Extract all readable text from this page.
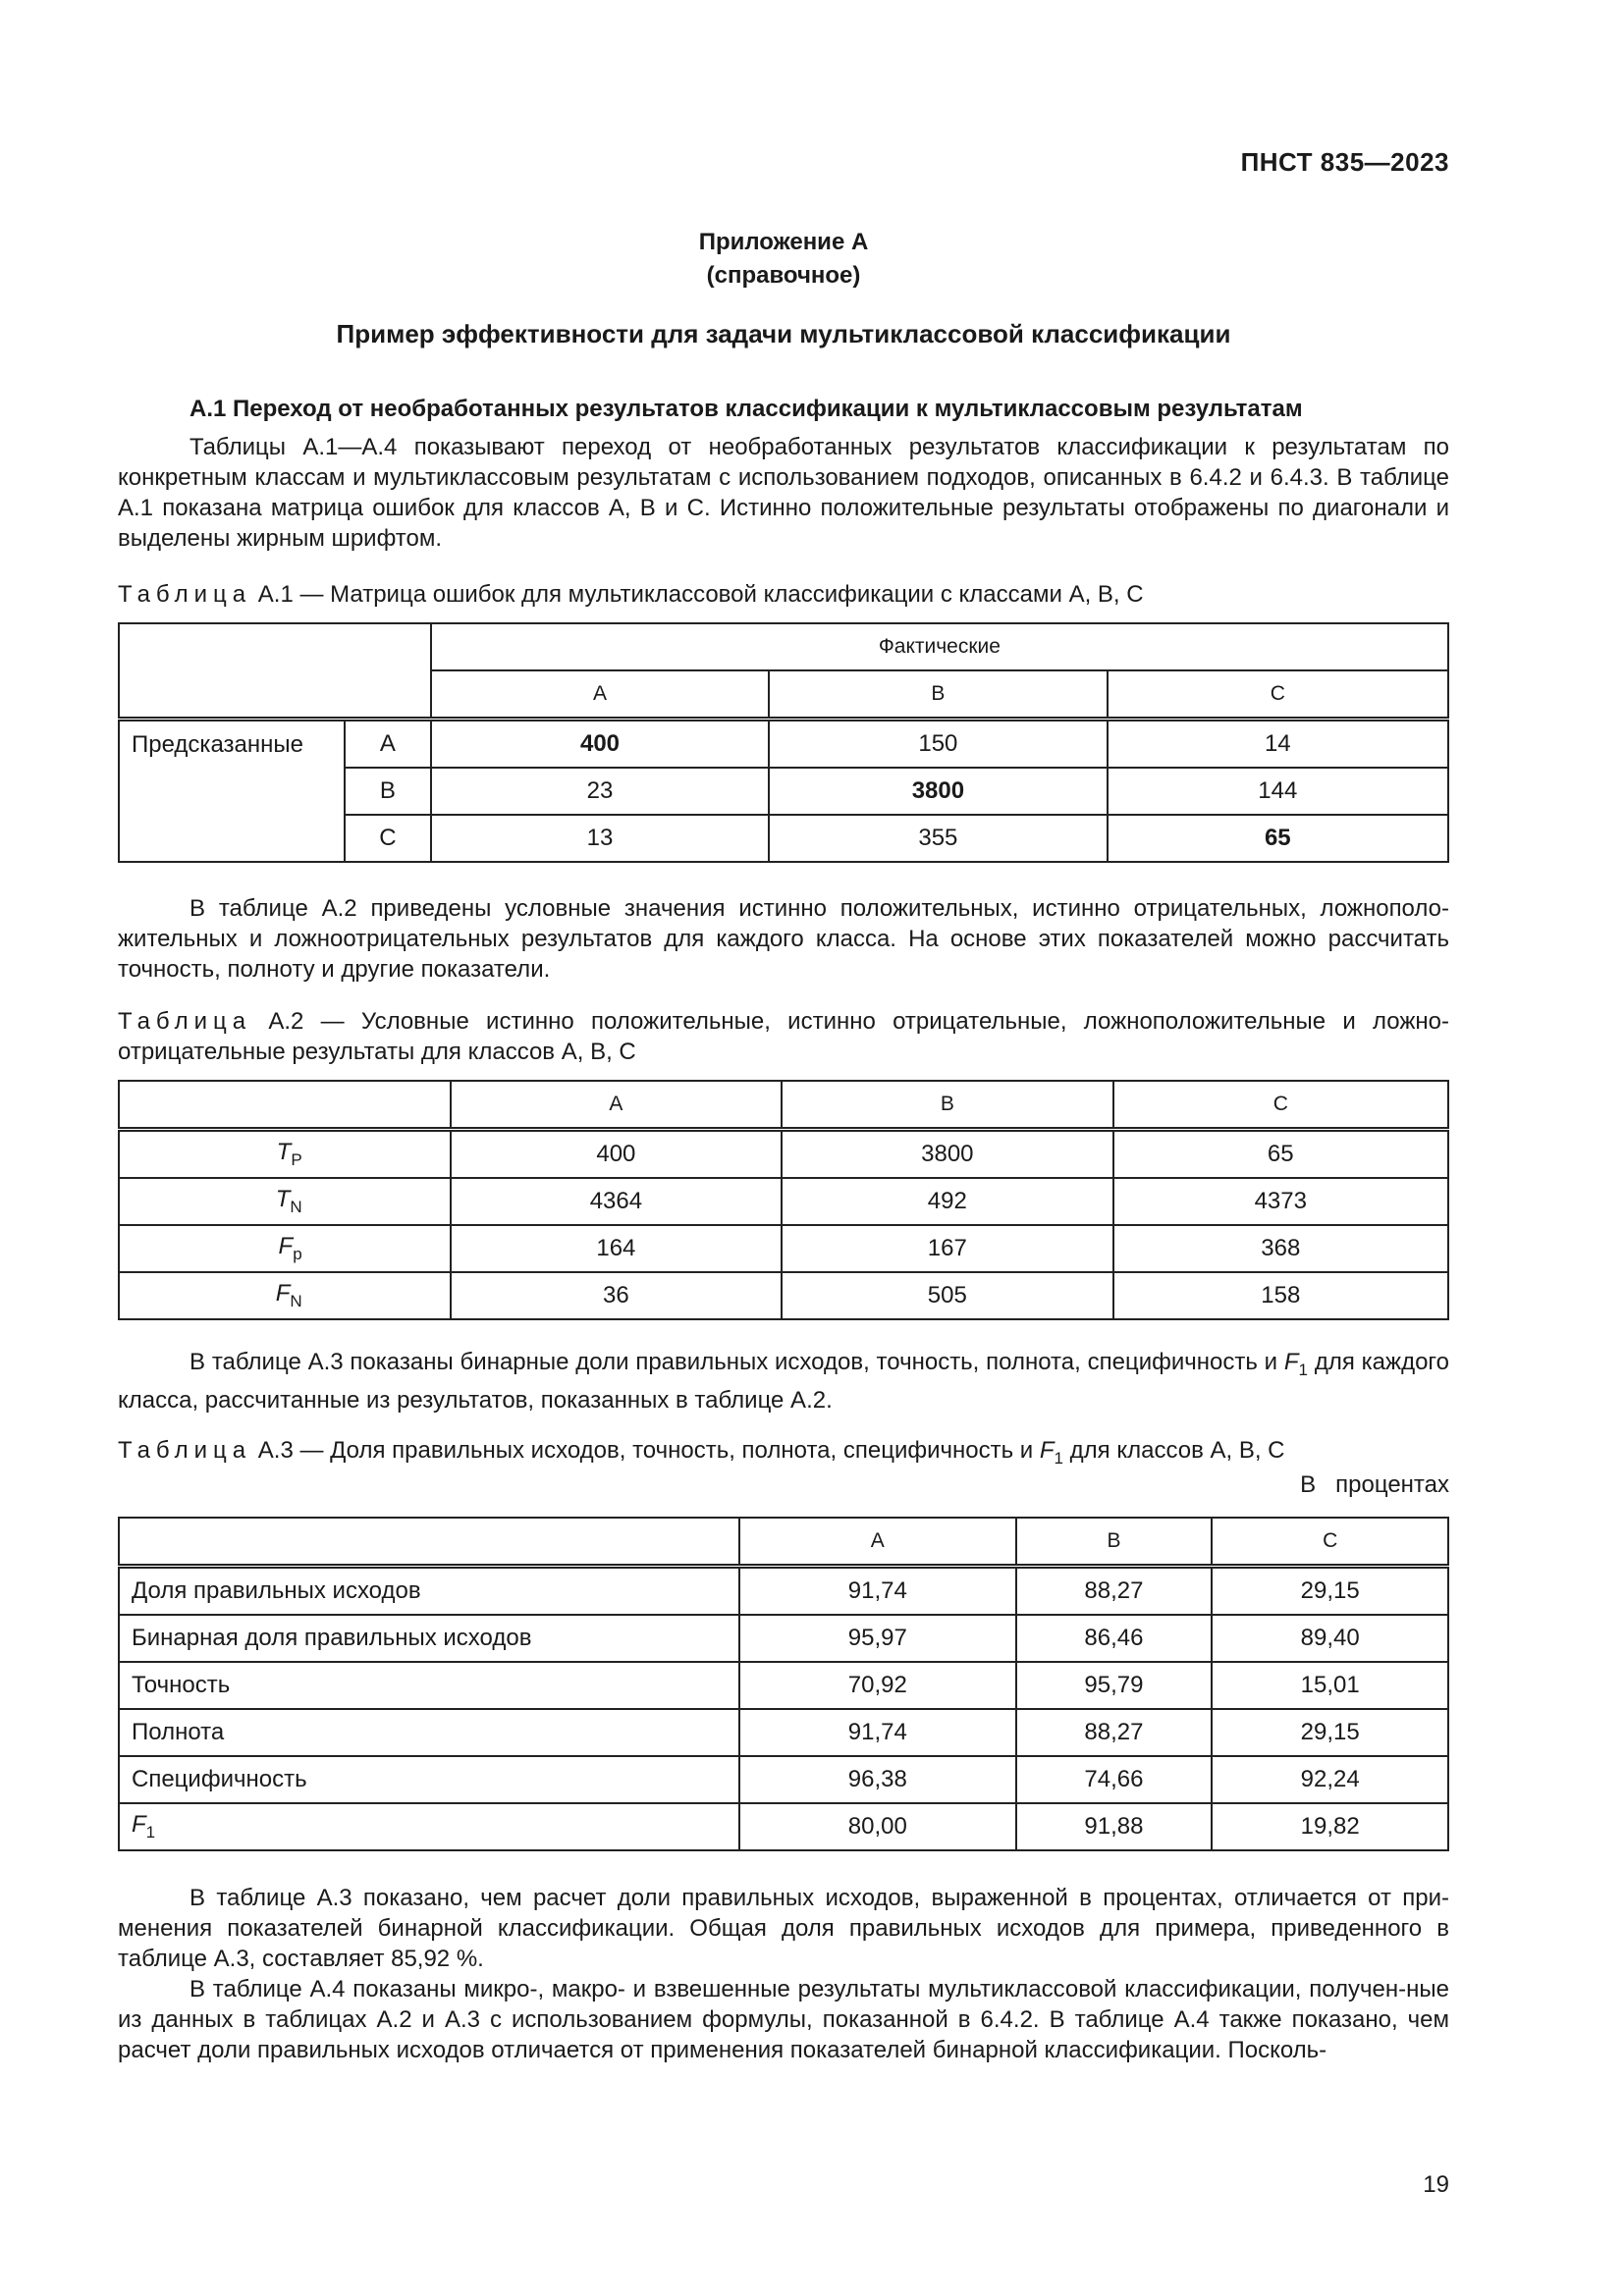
ПНСТ 835—2023
Приложение А
(справочное)
Пример эффективности для задачи мультиклассовой классификации
А.1 Переход от необработанных результатов классификации к мультиклассовым результатам
Таблицы А.1—А.4 показывают переход от необработанных результатов классификации к результатам по конкретным классам и мультиклассовым результатам с использованием подходов, описанных в 6.4.2 и 6.4.3. В таблице А.1 показана матрица ошибок для классов А, В и С. Истинно положительные результаты отображены по диагонали и выделены жирным шрифтом.
Таблица А.1 — Матрица ошибок для мультиклассовой классификации с классами А, В, С
		Фактические		
		А	В	С
Предсказанные	А	400	150	14
	В	23	3800	144
	С	13	355	65
В таблице А.2 приведены условные значения истинно положительных, истинно отрицательных, ложнополо-жительных и ложноотрицательных результатов для каждого класса. На основе этих показателей можно рассчитать точность, полноту и другие показатели.
Таблица А.2 — Условные истинно положительные, истинно отрицательные, ложноположительные и ложно-отрицательные результаты для классов А, В, С
	А	В	С
$T_P$	400	3800	65
$T_N$	4364	492	4373
$F_p$	164	167	368
$F_N$	36	505	158
В таблице А.3 показаны бинарные доли правильных исходов, точность, полнота, специфичность и $F_1$ для каждого класса, рассчитанные из результатов, показанных в таблице А.2.
Таблица А.3 — Доля правильных исходов, точность, полнота, специфичность и $F_1$ для классов А, В, С
В   процентах
	А	В	С
Доля правильных исходов	91,74	88,27	29,15
Бинарная доля правильных исходов	95,97	86,46	89,40
Точность	70,92	95,79	15,01
Полнота	91,74	88,27	29,15
Специфичность	96,38	74,66	92,24
$F_1$	80,00	91,88	19,82
В таблице А.3 показано, чем расчет доли правильных исходов, выраженной в процентах, отличается от при-менения показателей бинарной классификации. Общая доля правильных исходов для примера, приведенного в таблице А.3, составляет 85,92 %.
В таблице А.4 показаны микро-, макро- и взвешенные результаты мультиклассовой классификации, получен-ные из данных в таблицах А.2 и А.3 с использованием формулы, показанной в 6.4.2. В таблице А.4 также показано, чем расчет доли правильных исходов отличается от применения показателей бинарной классификации. Посколь-
19
